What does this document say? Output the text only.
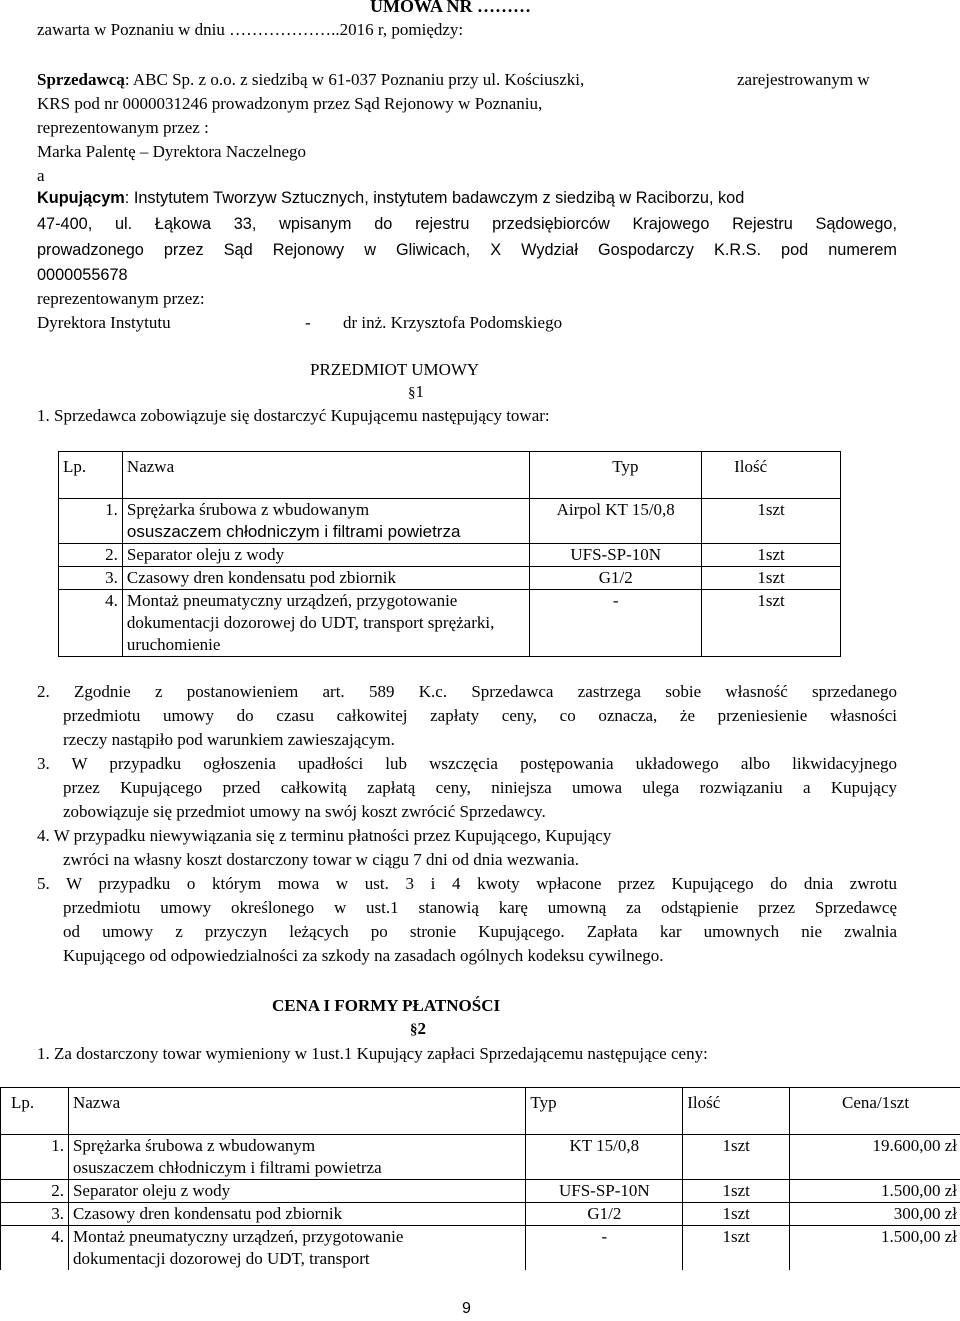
UMOWA NR ………
zawarta w Poznaniu w dniu ………………..2016 r, pomiędzy:
Sprzedawcą: ABC Sp. z o.o. z siedzibą w 61-037 Poznaniu przy ul. Kościuszki,	zarejestrowanym w
KRS pod nr 0000031246 prowadzonym przez Sąd Rejonowy w Poznaniu,
reprezentowanym przez :
Marka Palentę – Dyrektora Naczelnego
a
Kupującym: Instytutem Tworzyw Sztucznych, instytutem badawczym z siedzibą w Raciborzu, kod
47-400, ul. Łąkowa 33, wpisanym do rejestru przedsiębiorców Krajowego Rejestru Sądowego,
prowadzonego przez Sąd Rejonowy w Gliwicach, X Wydział Gospodarczy K.R.S. pod numerem
0000055678
reprezentowanym przez:
Dyrektora Instytutu	- dr inż. Krzysztofa Podomskiego
PRZEDMIOT UMOWY
§1
1. Sprzedawca zobowiązuje się dostarczyć Kupującemu następujący towar:
Lp.	Nazwa	Typ	Ilość
1.	Sprężarka śrubowa z wbudowanym
osuszaczem chłodniczym i filtrami powietrza	Airpol KT 15/0,8	1szt
2.	Separator oleju z wody	UFS-SP-10N	1szt
3.	Czasowy dren kondensatu pod zbiornik	G1/2	1szt
4.	Montaż pneumatyczny urządzeń, przygotowanie
dokumentacji dozorowej do UDT, transport sprężarki,
uruchomienie	-	1szt
2. Zgodnie z postanowieniem art. 589 K.c. Sprzedawca zastrzega sobie własność sprzedanego
przedmiotu umowy do czasu całkowitej zapłaty ceny, co oznacza, że przeniesienie własności
rzeczy nastąpiło pod warunkiem zawieszającym.
3. W przypadku ogłoszenia upadłości lub wszczęcia postępowania układowego albo likwidacyjnego
przez Kupującego przed całkowitą zapłatą ceny, niniejsza umowa ulega rozwiązaniu a Kupujący
zobowiązuje się przedmiot umowy na swój koszt zwrócić Sprzedawcy.
4. W przypadku niewywiązania się z terminu płatności przez Kupującego, Kupujący
zwróci na własny koszt dostarczony towar w ciągu 7 dni od dnia wezwania.
5. W przypadku o którym mowa w ust. 3 i 4 kwoty wpłacone przez Kupującego do dnia zwrotu
przedmiotu umowy określonego w ust.1 stanowią karę umowną za odstąpienie przez Sprzedawcę
od umowy z przyczyn leżących po stronie Kupującego. Zapłata kar umownych nie zwalnia
Kupującego od odpowiedzialności za szkody na zasadach ogólnych kodeksu cywilnego.
CENA I FORMY PŁATNOŚCI
§2
1. Za dostarczony towar wymieniony w 1ust.1 Kupujący zapłaci Sprzedającemu następujące ceny:
Lp.	Nazwa	Typ	Ilość	Cena/1szt
1.	Sprężarka śrubowa z wbudowanym
osuszaczem chłodniczym i filtrami powietrza	KT 15/0,8	1szt	19.600,00 zł
2.	Separator oleju z wody	UFS-SP-10N	1szt	1.500,00 zł
3.	Czasowy dren kondensatu pod zbiornik	G1/2	1szt	300,00 zł
4.	Montaż pneumatyczny urządzeń, przygotowanie
dokumentacji dozorowej do UDT, transport	-	1szt	1.500,00 zł
9
